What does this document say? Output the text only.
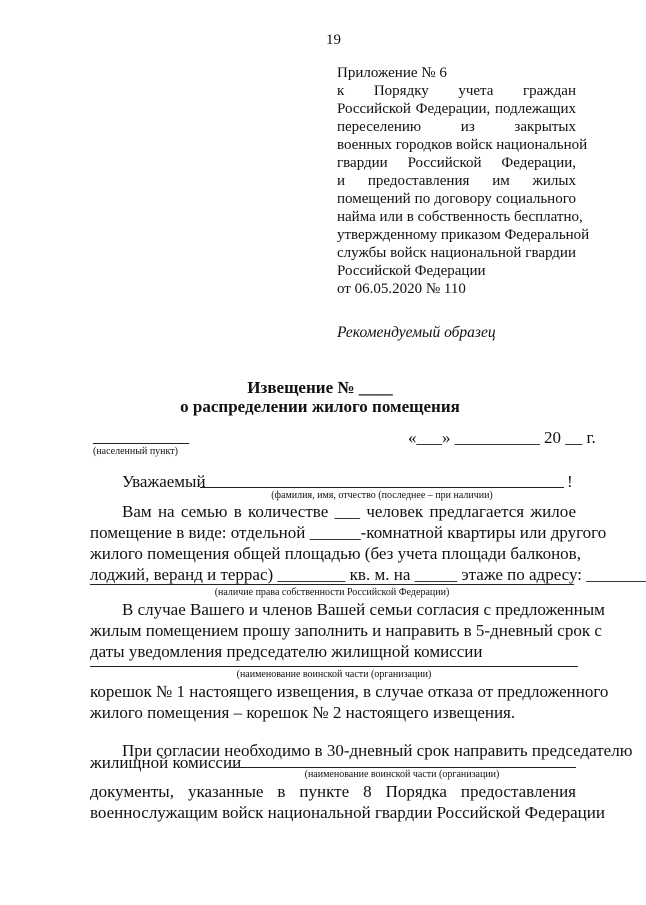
19
Приложение № 6
к Порядку учета граждан
Российской Федерации, подлежащих
переселению из закрытых
военных городков войск национальной
гвардии Российской Федерации,
и предоставления им жилых
помещений по договору социального
найма или в собственность бесплатно,
утвержденному приказом Федеральной
службы войск национальной гвардии
Российской Федерации
от 06.05.2020 № 110
Рекомендуемый образец
Извещение № ____
о распределении жилого помещения
(населенный пункт)
«___» __________ 20 __ г.
Уважаемый	!
(фамилия, имя, отчество (последнее – при наличии)
Вам на семью в количестве ___ человек предлагается жилое
помещение в виде: отдельной ______-комнатной квартиры или другого
жилого помещения общей площадью (без учета площади балконов,
лоджий, веранд и террас) ________ кв. м. на _____ этаже по адресу: _______
(наличие права собственности Российской Федерации)
В случае Вашего и членов Вашей семьи согласия с предложенным
жилым помещением прошу заполнить и направить в 5-дневный срок с
даты уведомления председателю жилищной комиссии
(наименование воинской части (организации)
корешок № 1 настоящего извещения, в случае отказа от предложенного
жилого помещения – корешок № 2 настоящего извещения.
При согласии необходимо в 30-дневный срок направить председателю
жилищной комиссии
(наименование воинской части (организации)
документы, указанные в пункте 8 Порядка предоставления
военнослужащим войск национальной гвардии Российской Федерации
